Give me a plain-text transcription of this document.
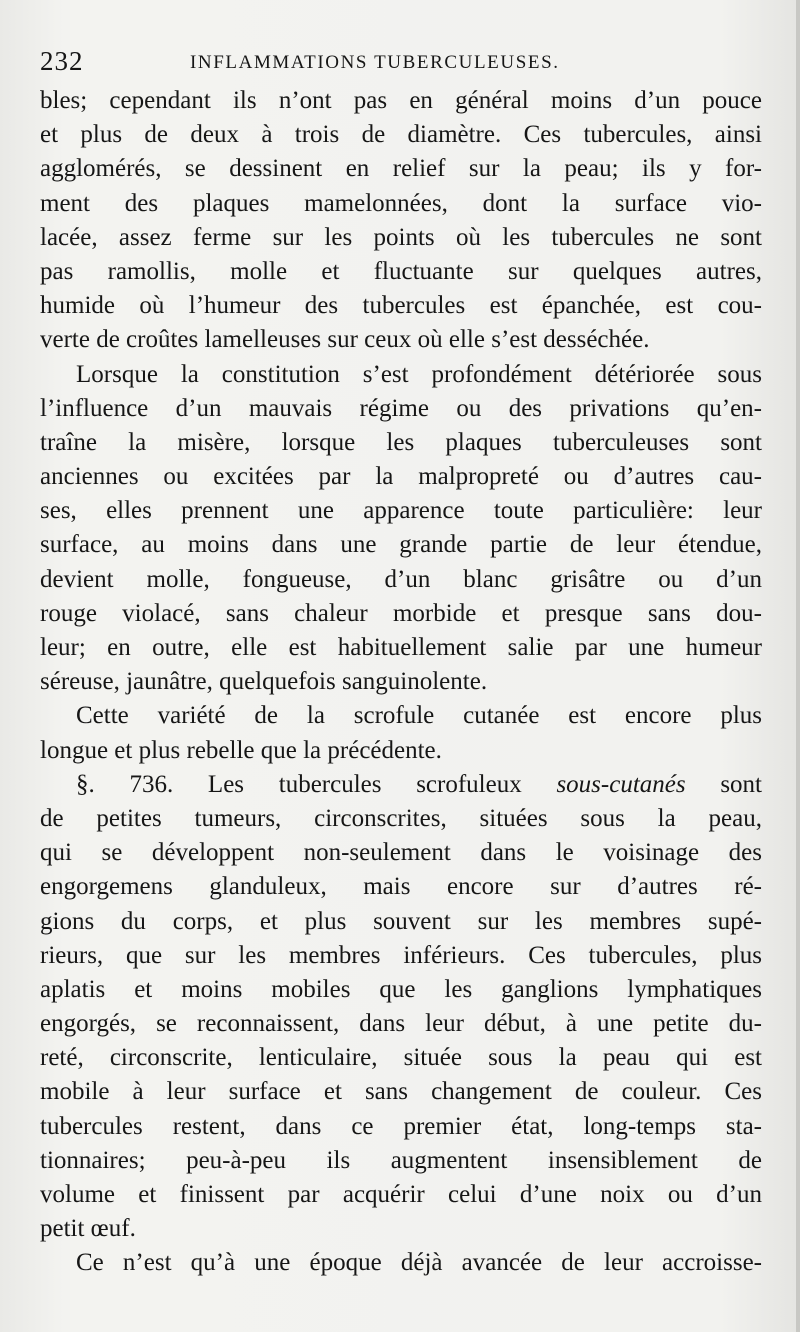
232	INFLAMMATIONS TUBERCULEUSES.
bles; cependant ils n’ont pas en général moins d’un pouce
et plus de deux à trois de diamètre. Ces tubercules, ainsi
agglomérés, se dessinent en relief sur la peau; ils y for-
ment des plaques mamelonnées, dont la surface vio-
lacée, assez ferme sur les points où les tubercules ne sont
pas ramollis, molle et fluctuante sur quelques autres,
humide où l’humeur des tubercules est épanchée, est cou-
verte de croûtes lamelleuses sur ceux où elle s’est desséchée.
Lorsque la constitution s’est profondément détériorée sous
l’influence d’un mauvais régime ou des privations qu’en-
traîne la misère, lorsque les plaques tuberculeuses sont
anciennes ou excitées par la malpropreté ou d’autres cau-
ses, elles prennent une apparence toute particulière: leur
surface, au moins dans une grande partie de leur étendue,
devient molle, fongueuse, d’un blanc grisâtre ou d’un
rouge violacé, sans chaleur morbide et presque sans dou-
leur; en outre, elle est habituellement salie par une humeur
séreuse, jaunâtre, quelquefois sanguinolente.
Cette variété de la scrofule cutanée est encore plus
longue et plus rebelle que la précédente.
§. 736. Les tubercules scrofuleux sous-cutanés sont
de petites tumeurs, circonscrites, situées sous la peau,
qui se développent non-seulement dans le voisinage des
engorgemens glanduleux, mais encore sur d’autres ré-
gions du corps, et plus souvent sur les membres supé-
rieurs, que sur les membres inférieurs. Ces tubercules, plus
aplatis et moins mobiles que les ganglions lymphatiques
engorgés, se reconnaissent, dans leur début, à une petite du-
reté, circonscrite, lenticulaire, située sous la peau qui est
mobile à leur surface et sans changement de couleur. Ces
tubercules restent, dans ce premier état, long-temps sta-
tionnaires; peu-à-peu ils augmentent insensiblement de
volume et finissent par acquérir celui d’une noix ou d’un
petit œuf.
Ce n’est qu’à une époque déjà avancée de leur accroisse-
